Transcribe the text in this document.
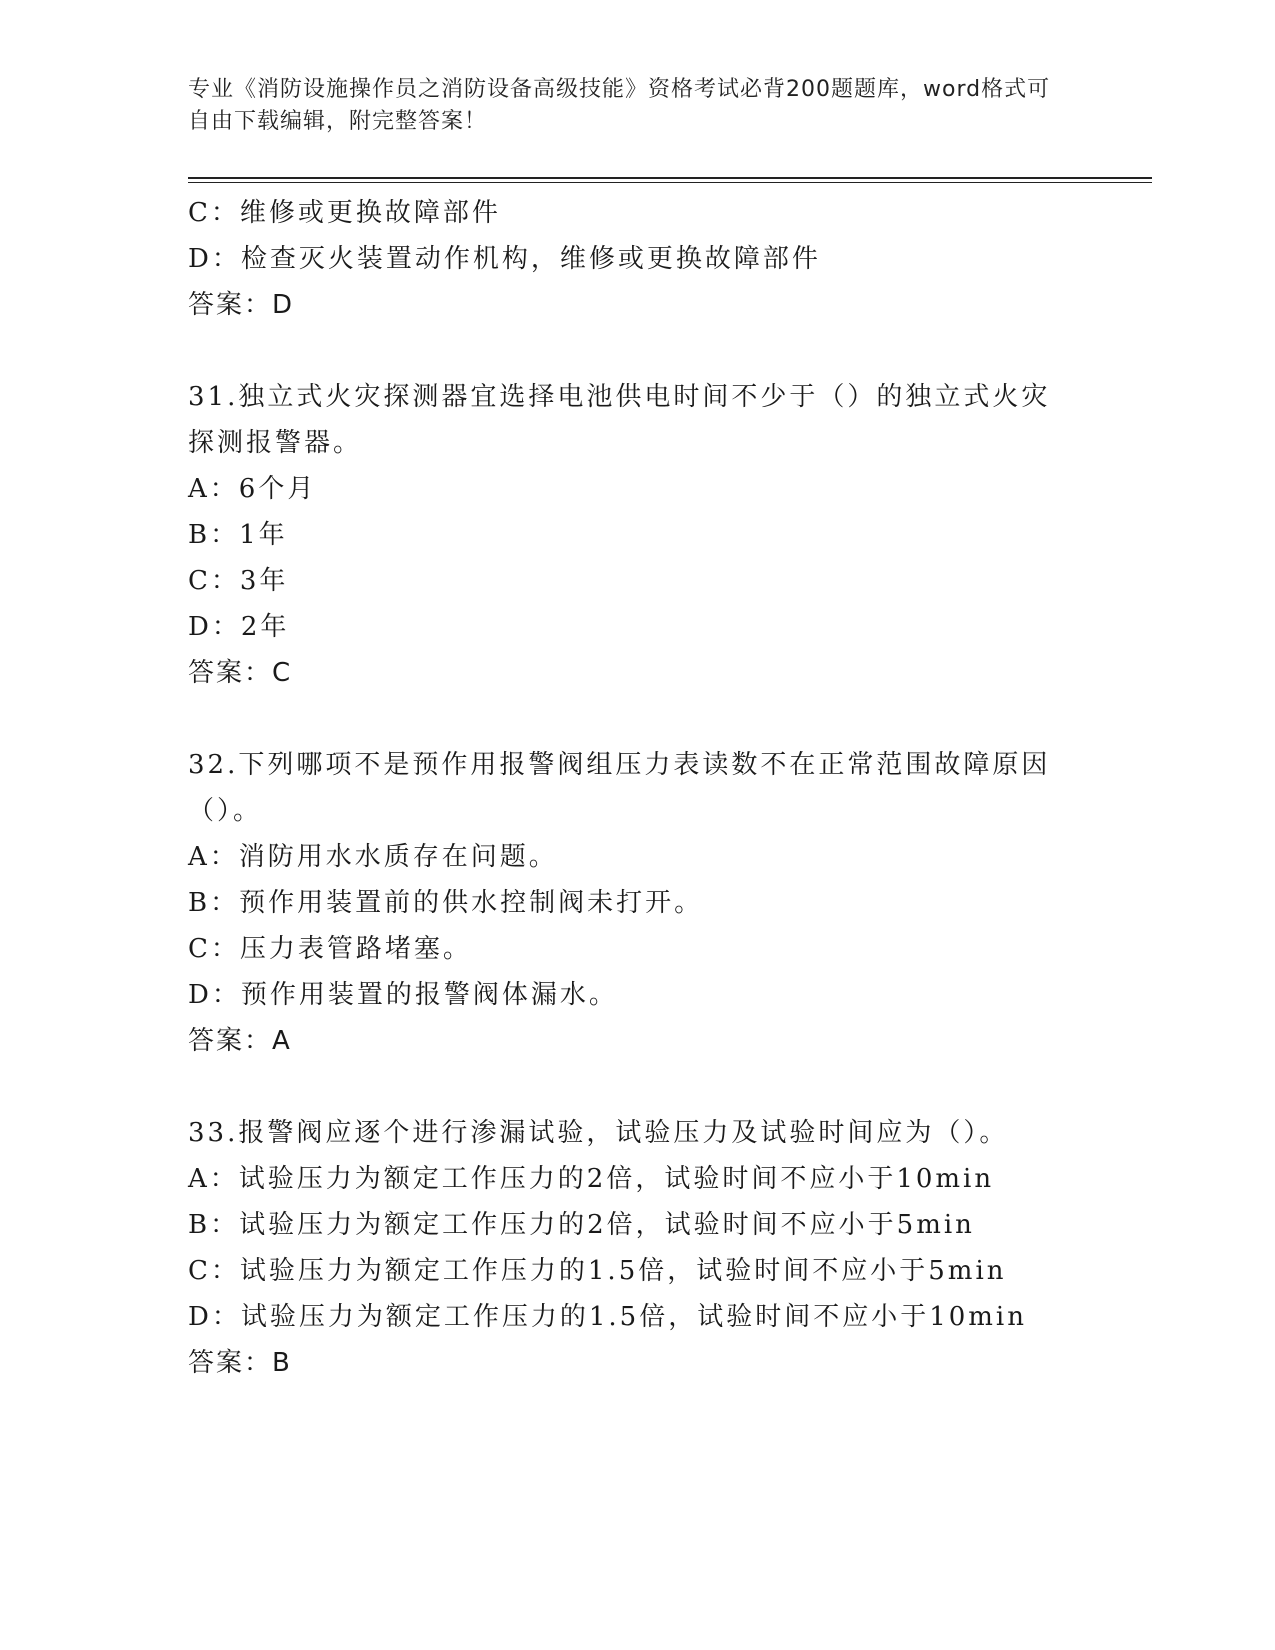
专业《消防设施操作员之消防设备高级技能》资格考试必背200题题库，word格式可自由下载编辑，附完整答案！
C：维修或更换故障部件
D：检查灭火装置动作机构，维修或更换故障部件
答案：D
31.独立式火灾探测器宜选择电池供电时间不少于（）的独立式火灾探测报警器。
A：6个月
B：1年
C：3年
D：2年
答案：C
32.下列哪项不是预作用报警阀组压力表读数不在正常范围故障原因（）。
A：消防用水水质存在问题。
B：预作用装置前的供水控制阀未打开。
C：压力表管路堵塞。
D：预作用装置的报警阀体漏水。
答案：A
33.报警阀应逐个进行渗漏试验，试验压力及试验时间应为（）。
A：试验压力为额定工作压力的2倍，试验时间不应小于10min
B：试验压力为额定工作压力的2倍，试验时间不应小于5min
C：试验压力为额定工作压力的1.5倍，试验时间不应小于5min
D：试验压力为额定工作压力的1.5倍，试验时间不应小于10min
答案：B
